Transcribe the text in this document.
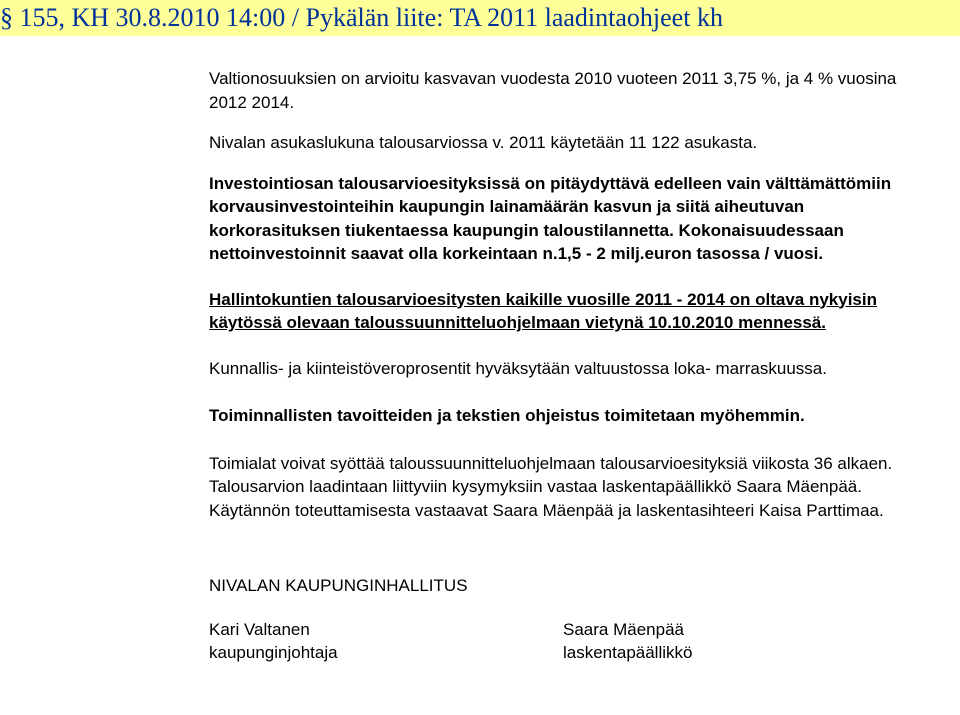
§ 155, KH 30.8.2010 14:00 / Pykälän liite: TA 2011 laadintaohjeet kh

Valtionosuuksien on arvioitu kasvavan vuodesta 2010 vuoteen 2011 3,75 %, ja 4 % vuosina 2012 2014.

Nivalan asukaslukuna talousarviossa v. 2011 käytetään 11 122 asukasta.

Investointiosan talousarvioesityksissä on pitäydyttävä edelleen vain välttämättömiin korvausinvestointeihin kaupungin lainamäärän kasvun ja siitä aiheutuvan korkorasituksen tiukentaessa kaupungin taloustilannetta. Kokonaisuudessaan nettoinvestoinnit saavat olla korkeintaan n.1,5 - 2 milj.euron tasossa / vuosi.

Hallintokuntien talousarvioesitysten kaikille vuosille 2011 - 2014 on oltava nykyisin käytössä olevaan taloussuunnitteluohjelmaan vietynä 10.10.2010 mennessä.

Kunnallis- ja kiinteistöveroprosentit hyväksytään valtuustossa loka- marraskuussa.

Toiminnallisten tavoitteiden ja tekstien ohjeistus toimitetaan myöhemmin.

Toimialat voivat syöttää taloussuunnitteluohjelmaan talousarvioesityksiä viikosta 36 alkaen. Talousarvion laadintaan liittyviin kysymyksiin vastaa laskentapäällikkö Saara Mäenpää. Käytännön toteuttamisesta vastaavat Saara Mäenpää ja laskentasihteeri Kaisa Parttimaa.

NIVALAN KAUPUNGINHALLITUS

Kari Valtanen
kaupunginjohtaja
Saara Mäenpää
laskentapäällikkö
